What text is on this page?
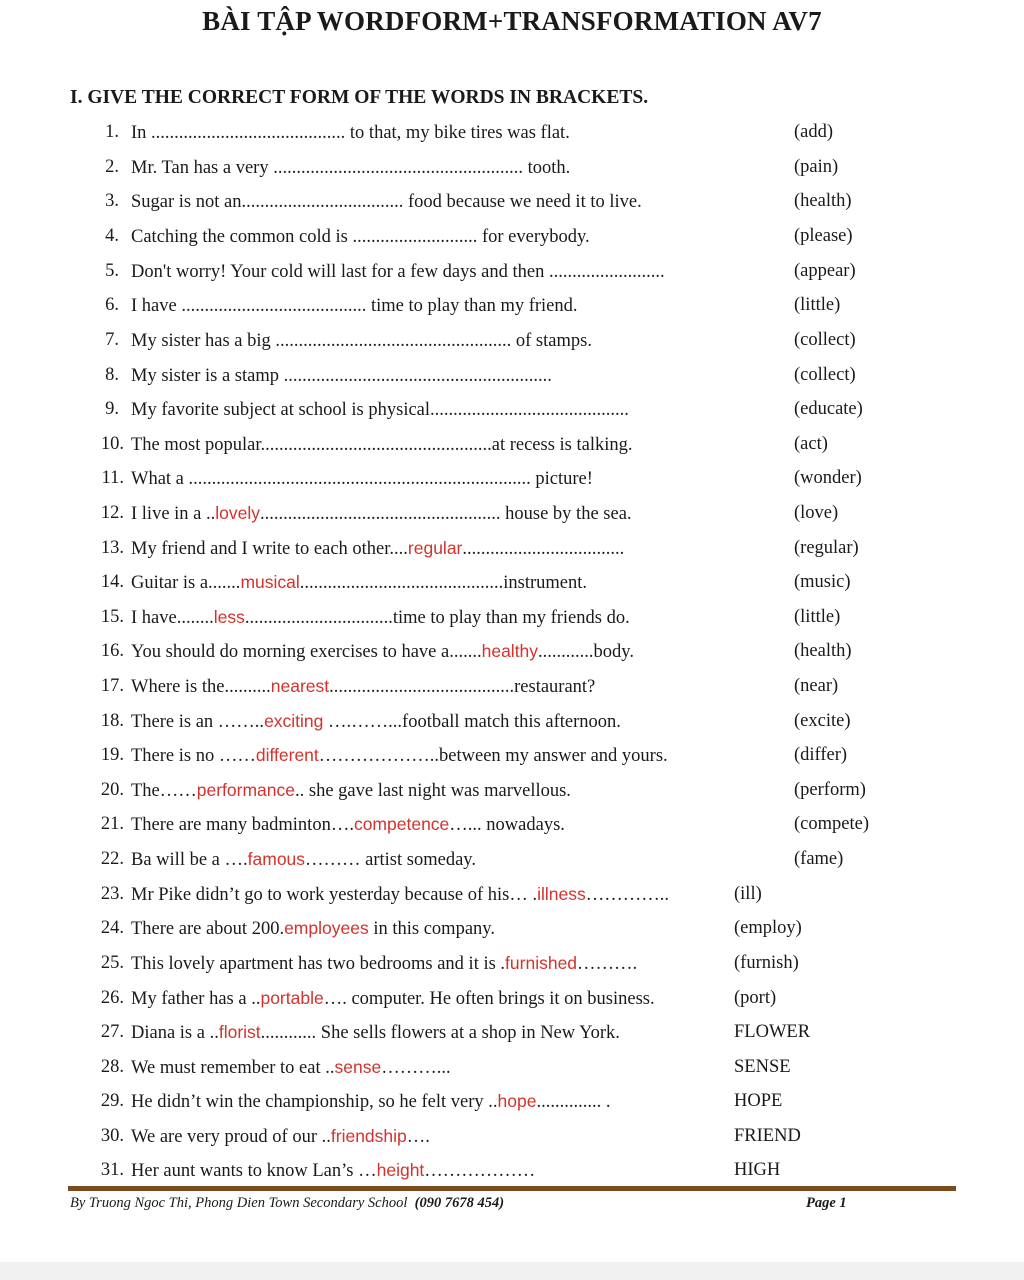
BÀI TẬP WORDFORM+TRANSFORMATION AV7
I. GIVE THE CORRECT FORM OF THE WORDS IN BRACKETS.
1. In .......................................... to that, my bike tires was flat.	(add)
2. Mr. Tan has a very ...................................................... tooth.	(pain)
3. Sugar is not an................................... food because we need it to live.	(health)
4. Catching the common cold is ........................... for everybody.	(please)
5. Don't worry! Your cold will last for a few days and then .........................	(appear)
6. I have ........................................ time to play than my friend.	(little)
7. My sister has a big ................................................... of stamps.	(collect)
8. My sister is a stamp ..........................................................	(collect)
9. My favorite subject at school is physical...........................................	(educate)
10. The most popular..................................................at recess is talking.	(act)
11. What a .......................................................................... picture!	(wonder)
12. I live in a ..lovely.................................................... house by the sea.	(love)
13. My friend and I write to each other....regular...................................	(regular)
14. Guitar is a.......musical............................................instrument.	(music)
15. I have........less................................time to play than my friends do.	(little)
16. You should do morning exercises to have a.......healthy............body.	(health)
17. Where is the..........nearest........................................restaurant?	(near)
18. There is an ……..exciting ….……...football match this afternoon.	(excite)
19. There is no ……different………………..between my answer and yours.	(differ)
20. The……performance.. she gave last night was marvellous.	(perform)
21. There are many badminton….competence…... nowadays.	(compete)
22. Ba will be a ….famous……… artist someday.	(fame)
23. Mr Pike didn’t go to work yesterday because of his… .illness…………..	(ill)
24. There are about 200.employees in this company.	(employ)
25. This lovely apartment has two bedrooms and it is .furnished……….	(furnish)
26. My father has a ..portable…. computer. He often brings it on business.	(port)
27. Diana is a ..florist............ She sells flowers at a shop in New York.	FLOWER
28. We must remember to eat ..sense………...	SENSE
29. He didn’t win the championship, so he felt very ..hope.............. .	HOPE
30. We are very proud of our ..friendship….	FRIEND
31. Her aunt wants to know Lan’s …height………………	HIGH
By Truong Ngoc Thi, Phong Dien Town Secondary School (090 7678 454)	Page 1
